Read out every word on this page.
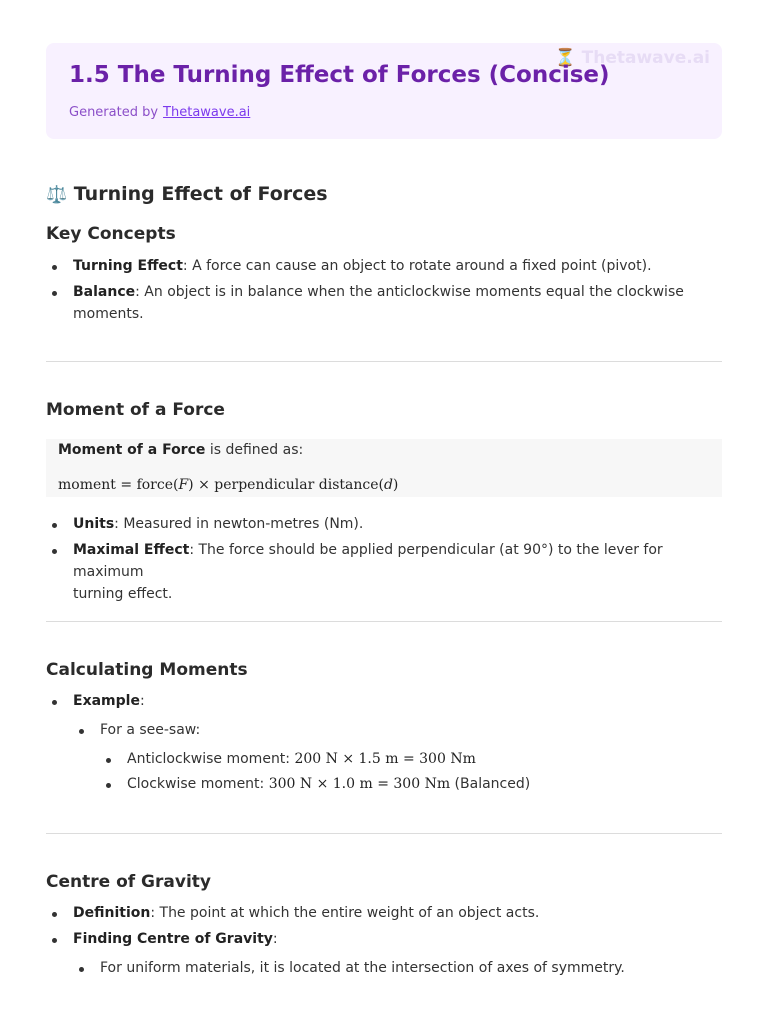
⏳ Thetawave.ai
1.5 The Turning Effect of Forces (Concise)
Generated by Thetawave.ai
⚖️ Turning Effect of Forces
Key Concepts
Turning Effect: A force can cause an object to rotate around a fixed point (pivot).
Balance: An object is in balance when the anticlockwise moments equal the clockwise
moments.
Moment of a Force
Moment of a Force is defined as:
moment = force(F) × perpendicular distance(d)
Units: Measured in newton-metres (Nm).
Maximal Effect: The force should be applied perpendicular (at 90°) to the lever for maximum
turning effect.
Calculating Moments
Example:
For a see-saw:
Anticlockwise moment: 200 N × 1.5 m = 300 Nm
Clockwise moment: 300 N × 1.0 m = 300 Nm (Balanced)
Centre of Gravity
Definition: The point at which the entire weight of an object acts.
Finding Centre of Gravity:
For uniform materials, it is located at the intersection of axes of symmetry.
